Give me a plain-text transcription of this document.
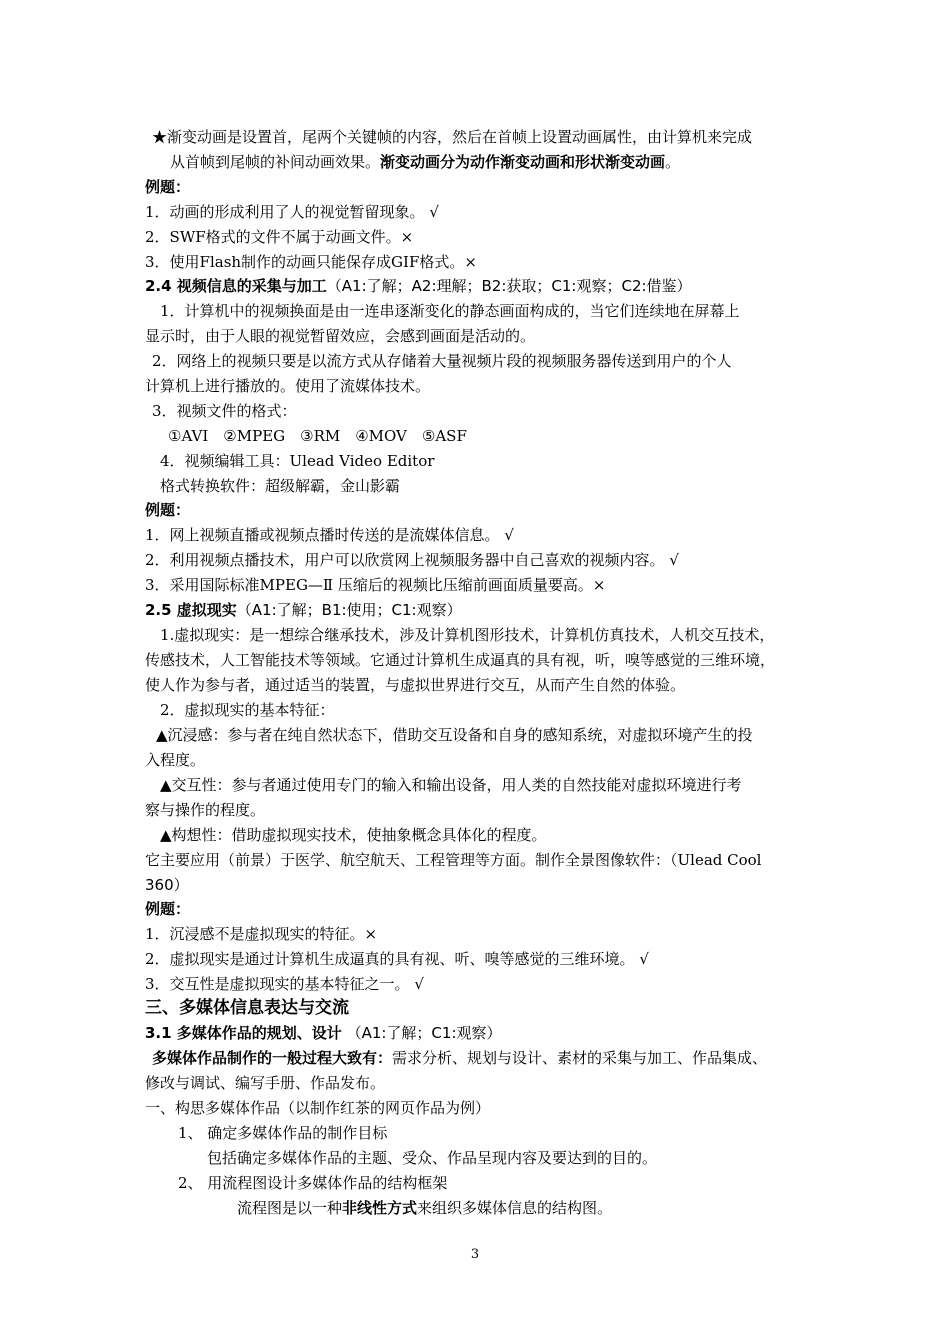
★渐变动画是设置首，尾两个关键帧的内容，然后在首帧上设置动画属性，由计算机来完成
从首帧到尾帧的补间动画效果。渐变动画分为动作渐变动画和形状渐变动画。
例题：
1．动画的形成利用了人的视觉暂留现象。 √
2．SWF格式的文件不属于动画文件。×
3．使用Flash制作的动画只能保存成GIF格式。×
2.4 视频信息的采集与加工（A1:了解；A2:理解；B2:获取；C1:观察；C2:借鉴）
1．计算机中的视频换面是由一连串逐渐变化的静态画面构成的，当它们连续地在屏幕上
显示时，由于人眼的视觉暂留效应，会感到画面是活动的。
2．网络上的视频只要是以流方式从存储着大量视频片段的视频服务器传送到用户的个人
计算机上进行播放的。使用了流媒体技术。
3．视频文件的格式：
①AVI　②MPEG　③RM　④MOV　⑤ASF
4．视频编辑工具：Ulead Video Editor
格式转换软件：超级解霸，金山影霸
例题：
1．网上视频直播或视频点播时传送的是流媒体信息。 √
2．利用视频点播技术，用户可以欣赏网上视频服务器中自己喜欢的视频内容。 √
3．采用国际标准MPEG—Ⅱ 压缩后的视频比压缩前画面质量要高。×
2.5 虚拟现实（A1:了解；B1:使用；C1:观察）
1.虚拟现实：是一想综合继承技术，涉及计算机图形技术，计算机仿真技术，人机交互技术，
传感技术，人工智能技术等领域。它通过计算机生成逼真的具有视，听，嗅等感觉的三维环境，
使人作为参与者，通过适当的装置，与虚拟世界进行交互，从而产生自然的体验。
2．虚拟现实的基本特征：
▲沉浸感：参与者在纯自然状态下，借助交互设备和自身的感知系统，对虚拟环境产生的投
入程度。
▲交互性：参与者通过使用专门的输入和输出设备，用人类的自然技能对虚拟环境进行考
察与操作的程度。
▲构想性：借助虚拟现实技术，使抽象概念具体化的程度。
它主要应用（前景）于医学、航空航天、工程管理等方面。制作全景图像软件：（Ulead Cool
360）
例题：
1．沉浸感不是虚拟现实的特征。×
2．虚拟现实是通过计算机生成逼真的具有视、听、嗅等感觉的三维环境。 √
3．交互性是虚拟现实的基本特征之一。 √
三、多媒体信息表达与交流
3.1 多媒体作品的规划、设计 （A1:了解；C1:观察）
多媒体作品制作的一般过程大致有：需求分析、规划与设计、素材的采集与加工、作品集成、
修改与调试、编写手册、作品发布。
一、构思多媒体作品（以制作红茶的网页作品为例）
1、 确定多媒体作品的制作目标
包括确定多媒体作品的主题、受众、作品呈现内容及要达到的目的。
2、 用流程图设计多媒体作品的结构框架
流程图是以一种非线性方式来组织多媒体信息的结构图。
3
